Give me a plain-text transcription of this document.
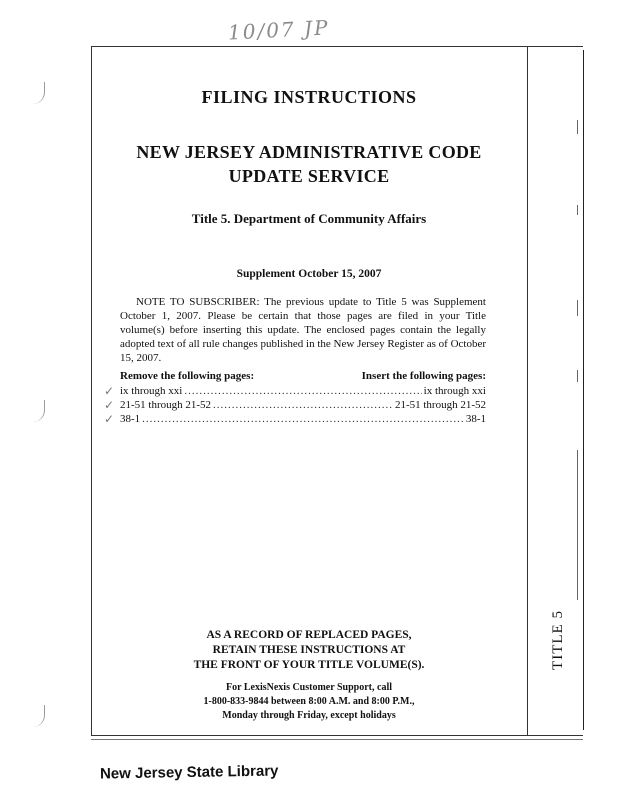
10/07 JP
TITLE 5
FILING INSTRUCTIONS
NEW JERSEY ADMINISTRATIVE CODE
UPDATE SERVICE
Title 5. Department of Community Affairs
Supplement October 15, 2007
NOTE TO SUBSCRIBER: The previous update to Title 5 was Supplement October 1, 2007. Please be certain that those pages are filed in your Title volume(s) before inserting this update. The enclosed pages contain the legally adopted text of all rule changes published in the New Jersey Register as of October 15, 2007.
✓
✓
✓
Remove the following pages:	Insert the following pages:
ix through xxi .....	ix through xxi
21-51 through 21-52 .....	21-51 through 21-52
38-1 .....	38-1
AS A RECORD OF REPLACED PAGES,
RETAIN THESE INSTRUCTIONS AT
THE FRONT OF YOUR TITLE VOLUME(S).
For LexisNexis Customer Support, call
1-800-833-9844 between 8:00 A.M. and 8:00 P.M.,
Monday through Friday, except holidays
New Jersey State Library
